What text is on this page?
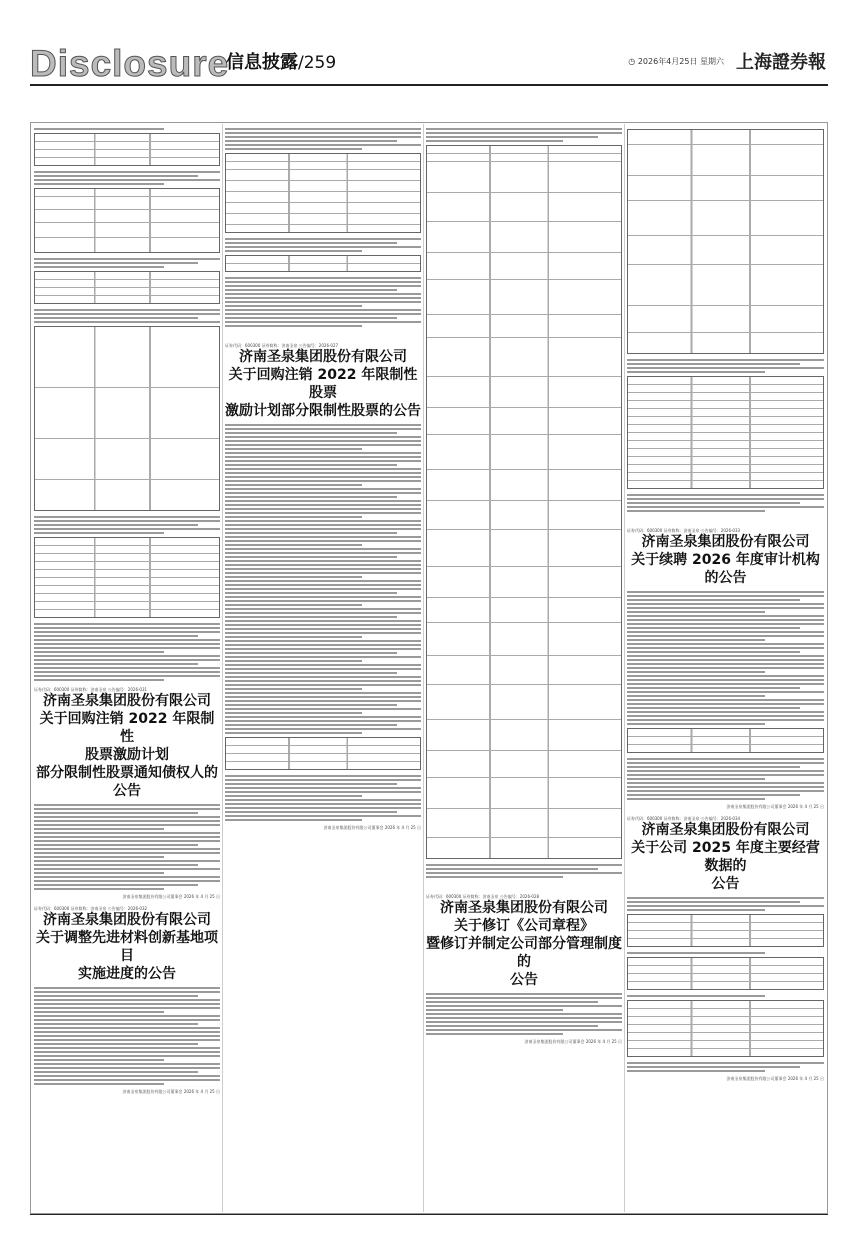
Disclosure
信息披露/259	◷ 2026年4月25日 星期六 上海證券報
证券代码：600300 证券简称：济南圣泉 公告编号：2026-031
济南圣泉集团股份有限公司
关于回购注销 2022 年限制性
股票激励计划
部分限制性股票通知债权人的公告
济南圣泉集团股份有限公司董事会 2026 年 4 月 25 日
证券代码：600300 证券简称：济南圣泉 公告编号：2026-032
济南圣泉集团股份有限公司
关于调整先进材料创新基地项目
实施进度的公告
济南圣泉集团股份有限公司董事会 2026 年 4 月 25 日

证券代码：600300 证券简称：济南圣泉 公告编号：2026-027
济南圣泉集团股份有限公司
关于回购注销 2022 年限制性股票
激励计划部分限制性股票的公告
济南圣泉集团股份有限公司董事会 2026 年 4 月 25 日

证券代码：600300 证券简称：济南圣泉 公告编号：2026-028
济南圣泉集团股份有限公司
关于修订《公司章程》
暨修订并制定公司部分管理制度的
公告
济南圣泉集团股份有限公司董事会 2026 年 4 月 25 日

证券代码：600300 证券简称：济南圣泉 公告编号：2026-033
济南圣泉集团股份有限公司
关于续聘 2026 年度审计机构的公告
济南圣泉集团股份有限公司董事会 2026 年 4 月 25 日
证券代码：600300 证券简称：济南圣泉 公告编号：2026-034
济南圣泉集团股份有限公司
关于公司 2025 年度主要经营数据的
公告
济南圣泉集团股份有限公司董事会 2026 年 4 月 25 日
